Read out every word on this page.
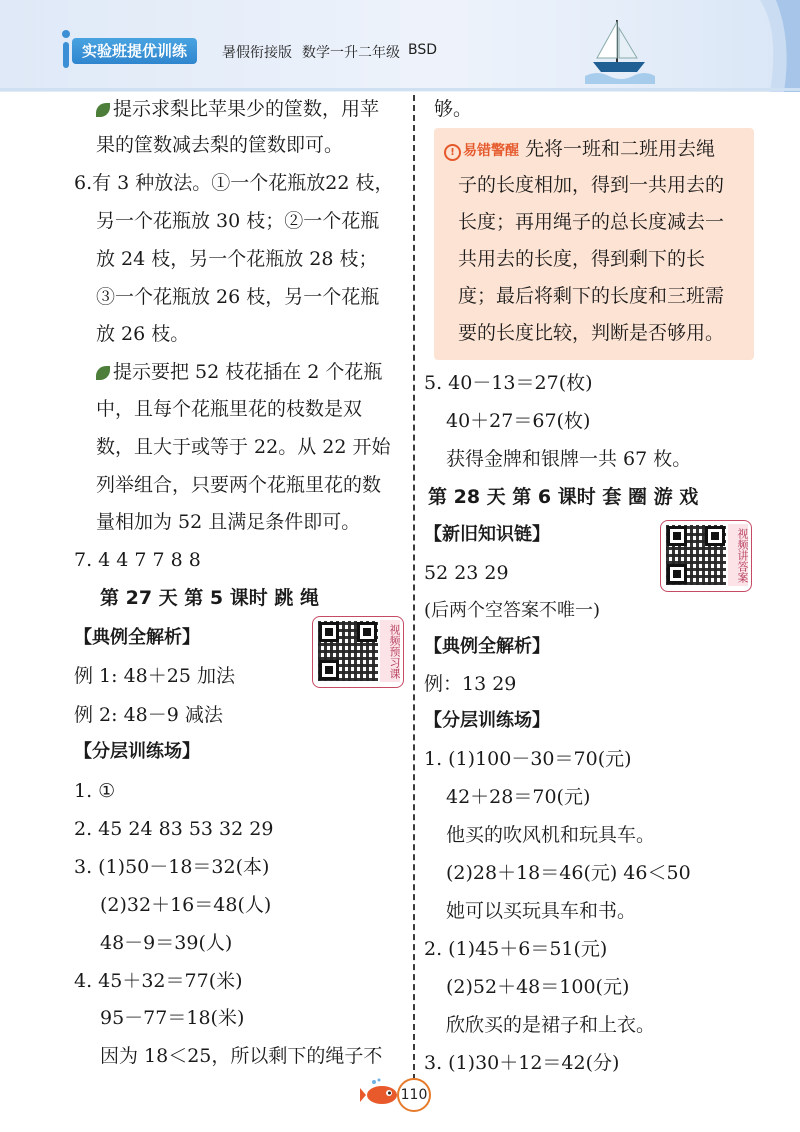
实验班提优训练	暑假衔接版 数学一升二年级 BSD
提示求梨比苹果少的筐数，用苹
果的筐数减去梨的筐数即可。
6.有 3 种放法。①一个花瓶放22 枝，
另一个花瓶放 30 枝；②一个花瓶
放 24 枝，另一个花瓶放 28 枝；
③一个花瓶放 26 枝，另一个花瓶
放 26 枝。
提示要把 52 枝花插在 2 个花瓶
中，且每个花瓶里花的枝数是双
数，且大于或等于 22。从 22 开始
列举组合，只要两个花瓶里花的数
量相加为 52 且满足条件即可。
7. 4 4 7 7 8 8
第 27 天 第 5 课时 跳 绳
【典例全解析】	视频预习课
例 1: 48＋25 加法
例 2: 48－9 减法
【分层训练场】
1. ①
2. 45 24 83 53 32 29
3. (1)50－18＝32(本)
(2)32＋16＝48(人)
48－9＝39(人)
4. 45＋32＝77(米)
95－77＝18(米)
因为 18＜25，所以剩下的绳子不
够。
! 易错警醒 先将一班和二班用去绳
子的长度相加，得到一共用去的
长度；再用绳子的总长度减去一
共用去的长度，得到剩下的长
度；最后将剩下的长度和三班需
要的长度比较，判断是否够用。
5. 40－13＝27(枚)
40＋27＝67(枚)
获得金牌和银牌一共 67 枚。
第 28 天 第 6 课时 套 圈 游 戏
【新旧知识链】	视频讲答案
52 23 29
(后两个空答案不唯一)
【典例全解析】
例：13 29
【分层训练场】
1. (1)100－30＝70(元)
42＋28＝70(元)
他买的吹风机和玩具车。
(2)28＋18＝46(元) 46＜50
她可以买玩具车和书。
2. (1)45＋6＝51(元)
(2)52＋48＝100(元)
欣欣买的是裙子和上衣。
3. (1)30＋12＝42(分)
110
